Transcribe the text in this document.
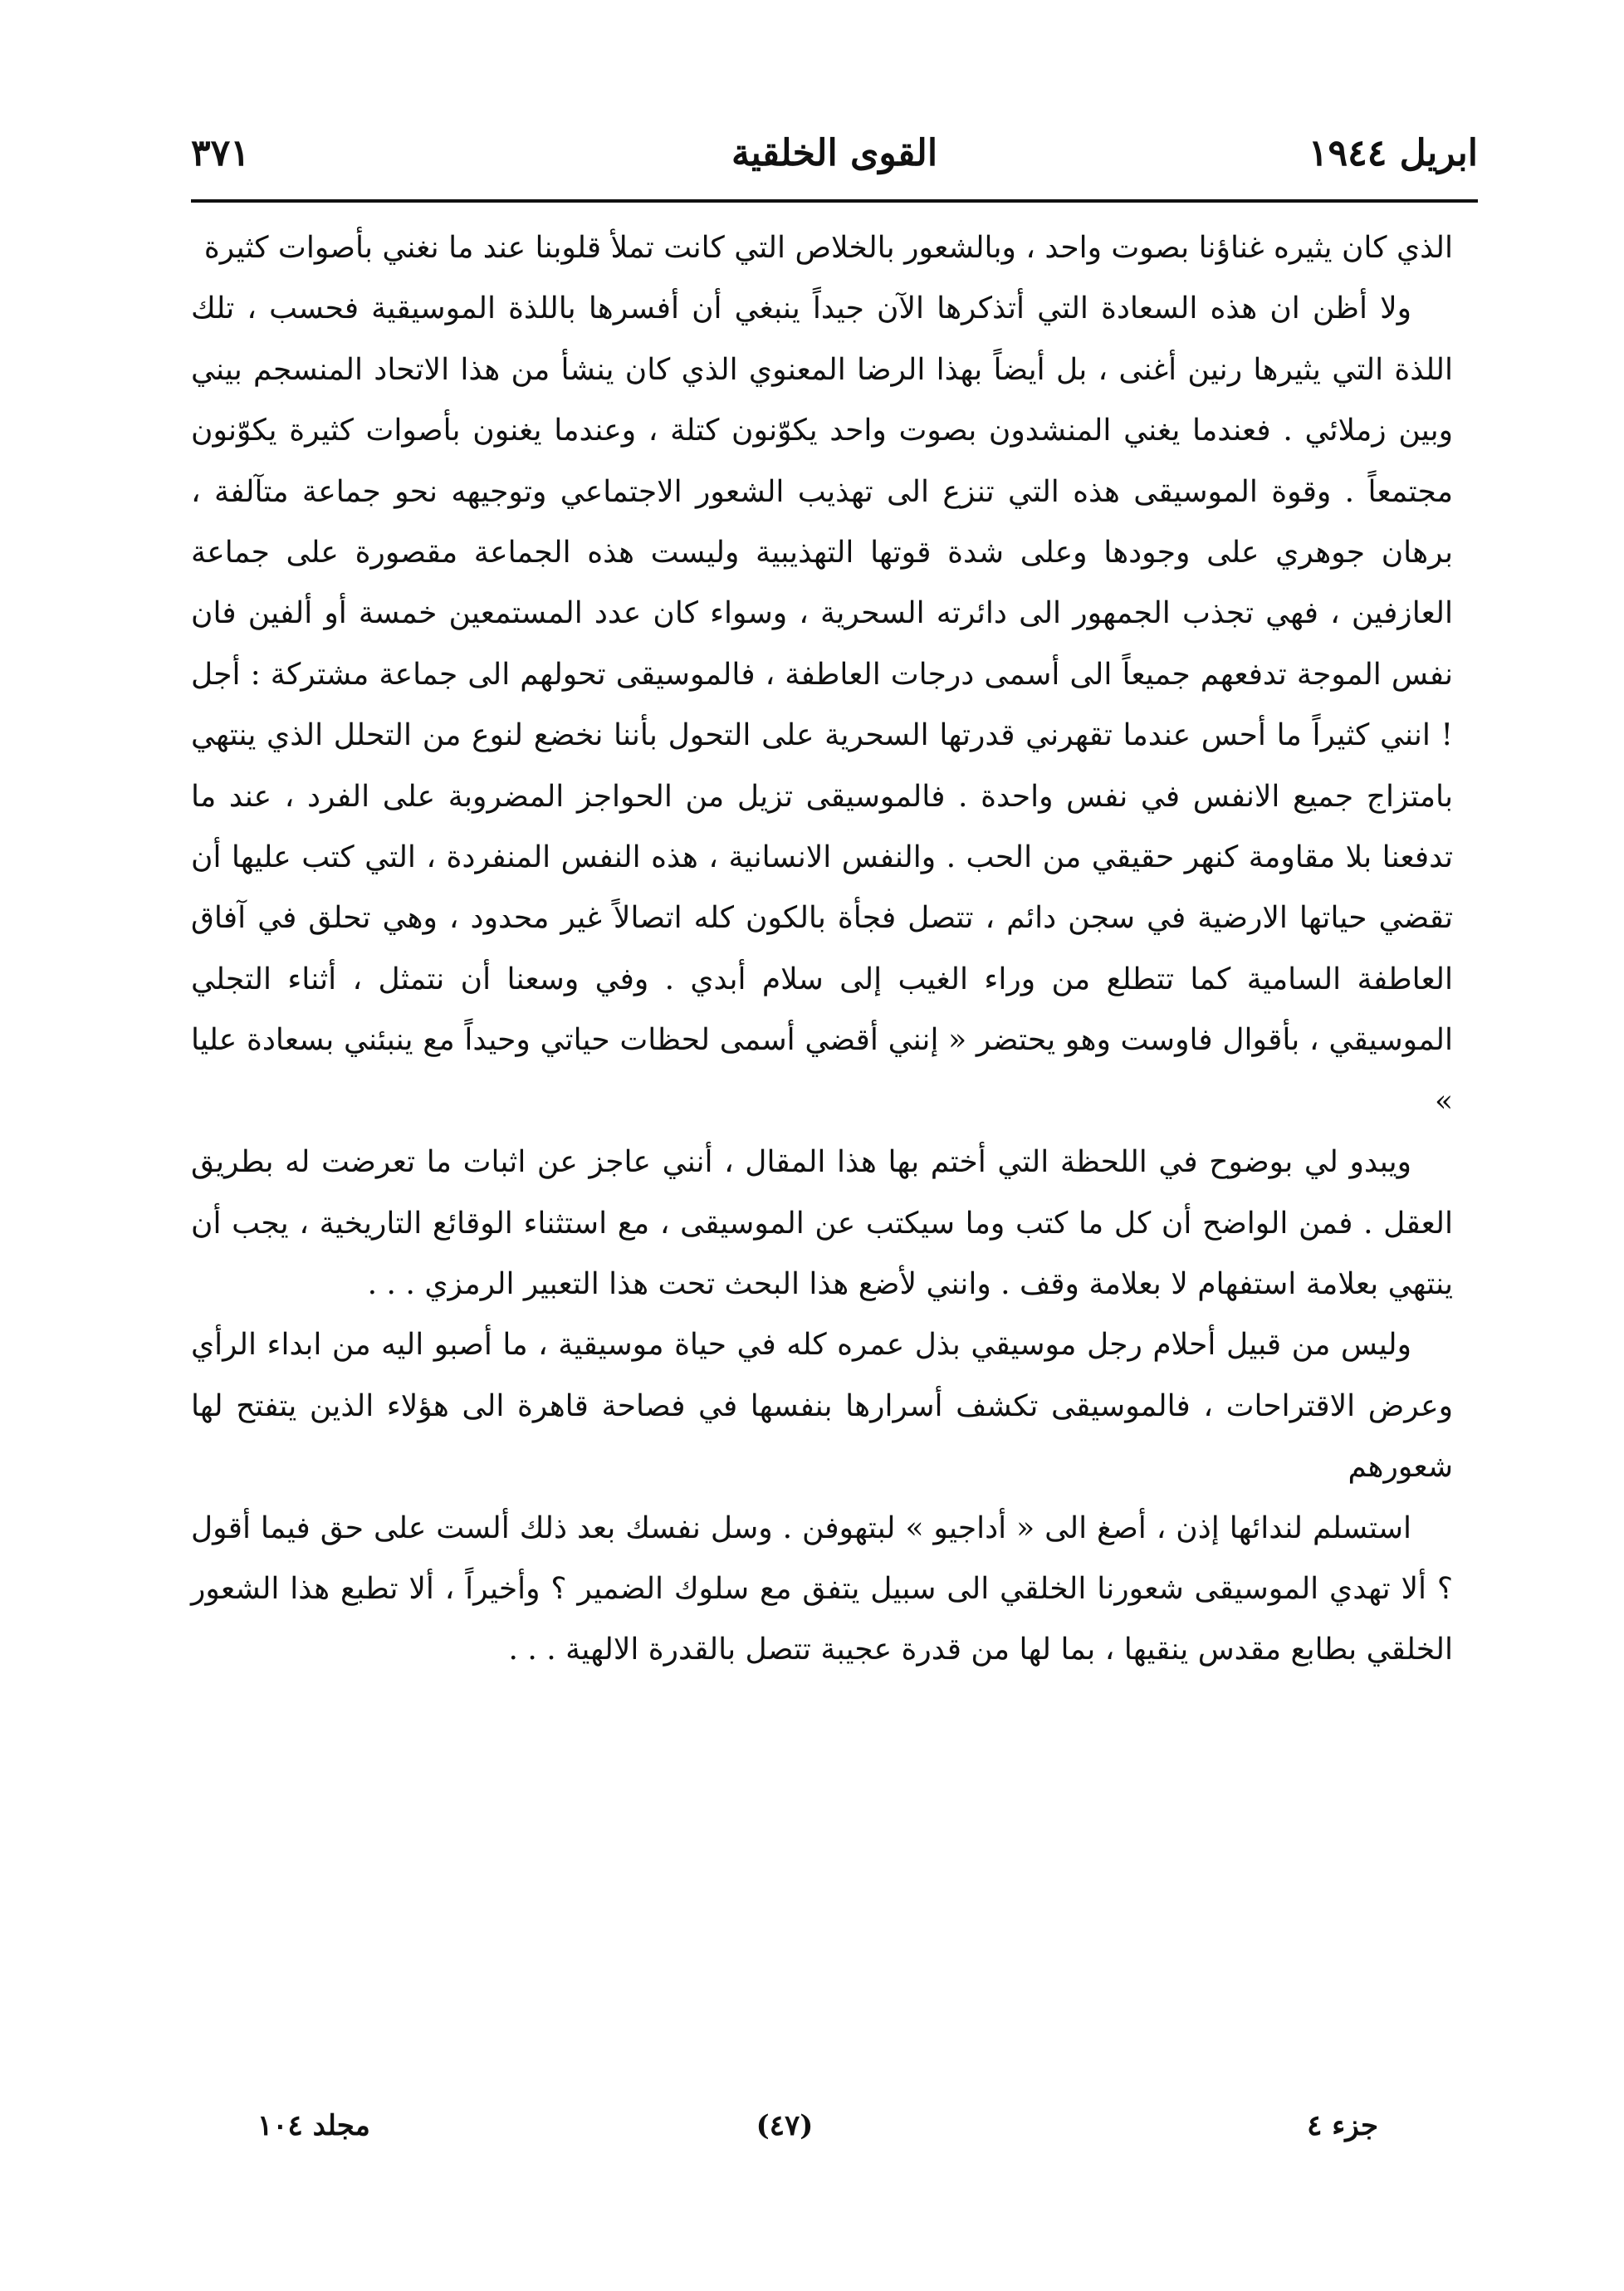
ابريل ١٩٤٤
القوى الخلقية
٣٧١

الذي كان يثيره غناؤنا بصوت واحد ، وبالشعور بالخلاص التي كانت تملأ قلوبنا عند ما نغني بأصوات كثيرة

ولا أظن ان هذه السعادة التي أتذكرها الآن جيداً ينبغي أن أفسرها باللذة الموسيقية فحسب ، تلك اللذة التي يثيرها رنين أغنى ، بل أيضاً بهذا الرضا المعنوي الذي كان ينشأ من هذا الاتحاد المنسجم بيني وبين زملائي . فعندما يغني المنشدون بصوت واحد يكوّنون كتلة ، وعندما يغنون بأصوات كثيرة يكوّنون مجتمعاً . وقوة الموسيقى هذه التي تنزع الى تهذيب الشعور الاجتماعي وتوجيهه نحو جماعة متآلفة ، برهان جوهري على وجودها وعلى شدة قوتها التهذيبية وليست هذه الجماعة مقصورة على جماعة العازفين ، فهي تجذب الجمهور الى دائرته السحرية ، وسواء كان عدد المستمعين خمسة أو ألفين فان نفس الموجة تدفعهم جميعاً الى أسمى درجات العاطفة ، فالموسيقى تحولهم الى جماعة مشتركة : أجل ! انني كثيراً ما أحس عندما تقهرني قدرتها السحرية على التحول بأننا نخضع لنوع من التحلل الذي ينتهي بامتزاج جميع الانفس في نفس واحدة . فالموسيقى تزيل من الحواجز المضروبة على الفرد ، عند ما تدفعنا بلا مقاومة كنهر حقيقي من الحب . والنفس الانسانية ، هذه النفس المنفردة ، التي كتب عليها أن تقضي حياتها الارضية في سجن دائم ، تتصل فجأة بالكون كله اتصالاً غير محدود ، وهي تحلق في آفاق العاطفة السامية كما تتطلع من وراء الغيب إلى سلام أبدي . وفي وسعنا أن نتمثل ، أثناء التجلي الموسيقي ، بأقوال فاوست وهو يحتضر « إنني أقضي أسمى لحظات حياتي وحيداً مع ينبئني بسعادة عليا »

ويبدو لي بوضوح في اللحظة التي أختم بها هذا المقال ، أنني عاجز عن اثبات ما تعرضت له بطريق العقل . فمن الواضح أن كل ما كتب وما سيكتب عن الموسيقى ، مع استثناء الوقائع التاريخية ، يجب أن ينتهي بعلامة استفهام لا بعلامة وقف . وانني لأضع هذا البحث تحت هذا التعبير الرمزي . . .

وليس من قبيل أحلام رجل موسيقي بذل عمره كله في حياة موسيقية ، ما أصبو اليه من ابداء الرأي وعرض الاقتراحات ، فالموسيقى تكشف أسرارها بنفسها في فصاحة قاهرة الى هؤلاء الذين يتفتح لها شعورهم

استسلم لندائها إذن ، أصغ الى « أداجيو » لبتهوفن . وسل نفسك بعد ذلك ألست على حق فيما أقول ؟ ألا تهدي الموسيقى شعورنا الخلقي الى سبيل يتفق مع سلوك الضمير ؟ وأخيراً ، ألا تطبع هذا الشعور الخلقي بطابع مقدس ينقيها ، بما لها من قدرة عجيبة تتصل بالقدرة الالهية . . .

جزء ٤
(٤٧)
مجلد ١٠٤
